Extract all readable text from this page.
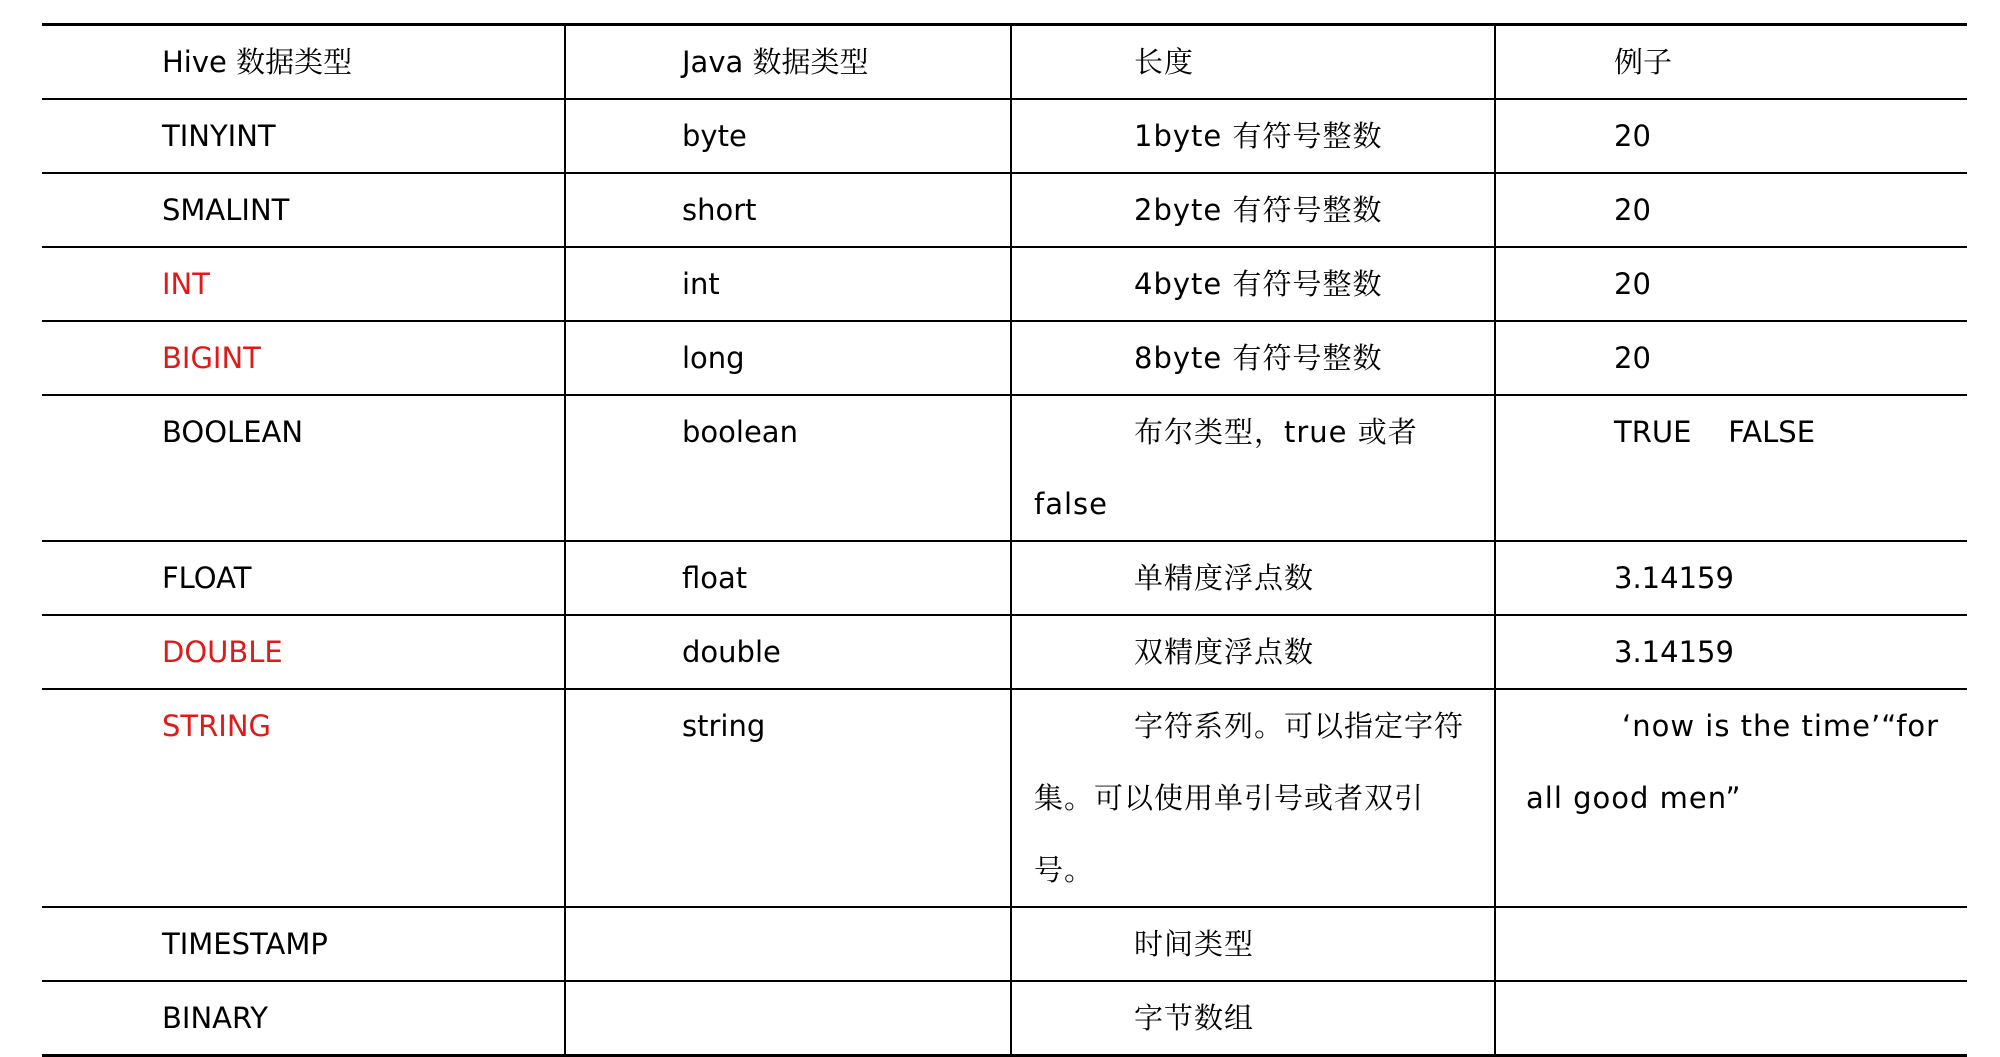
Hive 数据类型	Java 数据类型	长度	例子

TINYINT	byte	1byte 有符号整数	20

SMALINT	short	2byte 有符号整数	20

INT	int	4byte 有符号整数	20

BIGINT	long	8byte 有符号整数	20

BOOLEAN	boolean	布尔类型，true 或者 false	TRUE    FALSE

FLOAT	float	单精度浮点数	3.14159

DOUBLE	double	双精度浮点数	3.14159

STRING	string	字符系列。可以指定字符集。可以使用单引号或者双引号。	‘now is the time’“for all good men”

TIMESTAMP		时间类型	

BINARY		字节数组	
